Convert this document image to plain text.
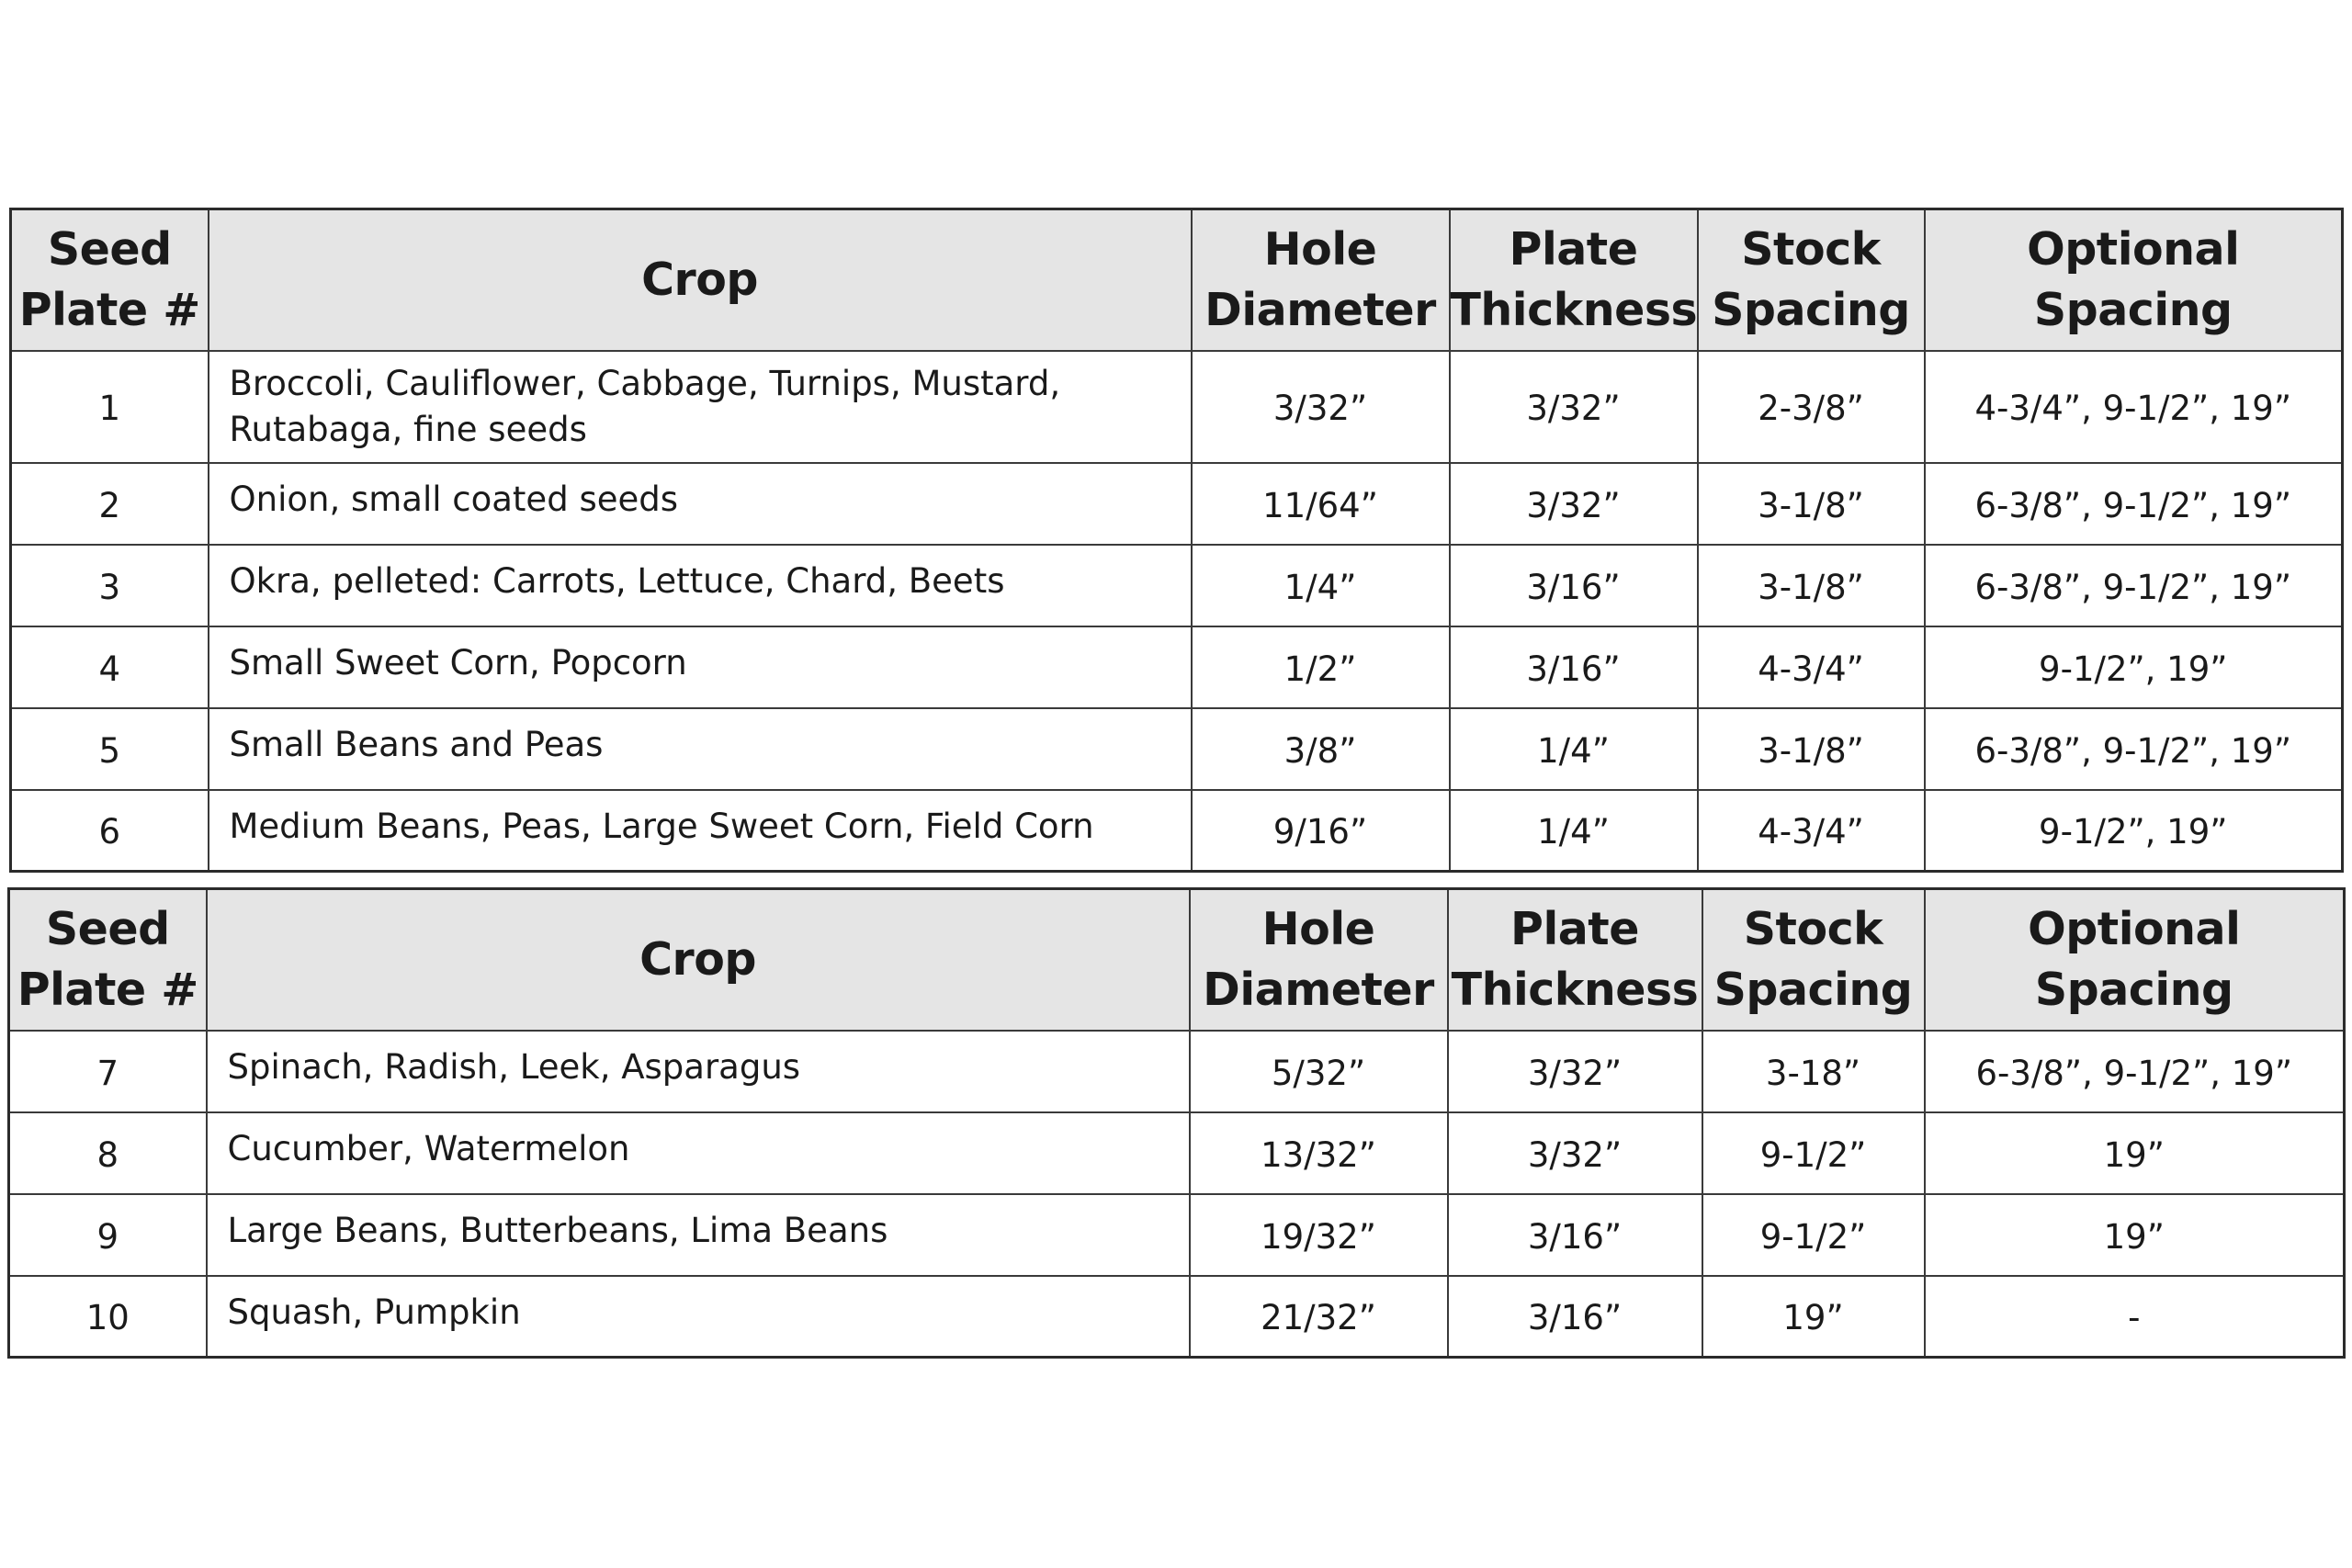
Seed Plate #	Crop	Hole Diameter	Plate Thickness	Stock Spacing	Optional Spacing
1	Broccoli, Cauliflower, Cabbage, Turnips, Mustard, Rutabaga, fine seeds	3/32”	3/32”	2-3/8”	4-3/4”, 9-1/2”, 19”
2	Onion, small coated seeds	11/64”	3/32”	3-1/8”	6-3/8”, 9-1/2”, 19”
3	Okra, pelleted: Carrots, Lettuce, Chard, Beets	1/4”	3/16”	3-1/8”	6-3/8”, 9-1/2”, 19”
4	Small Sweet Corn, Popcorn	1/2”	3/16”	4-3/4”	9-1/2”, 19”
5	Small Beans and Peas	3/8”	1/4”	3-1/8”	6-3/8”, 9-1/2”, 19”
6	Medium Beans, Peas, Large Sweet Corn, Field Corn	9/16”	1/4”	4-3/4”	9-1/2”, 19”
Seed Plate #	Crop	Hole Diameter	Plate Thickness	Stock Spacing	Optional Spacing
7	Spinach, Radish, Leek, Asparagus	5/32”	3/32”	3-18”	6-3/8”, 9-1/2”, 19”
8	Cucumber, Watermelon	13/32”	3/32”	9-1/2”	19”
9	Large Beans, Butterbeans, Lima Beans	19/32”	3/16”	9-1/2”	19”
10	Squash, Pumpkin	21/32”	3/16”	19”	-
